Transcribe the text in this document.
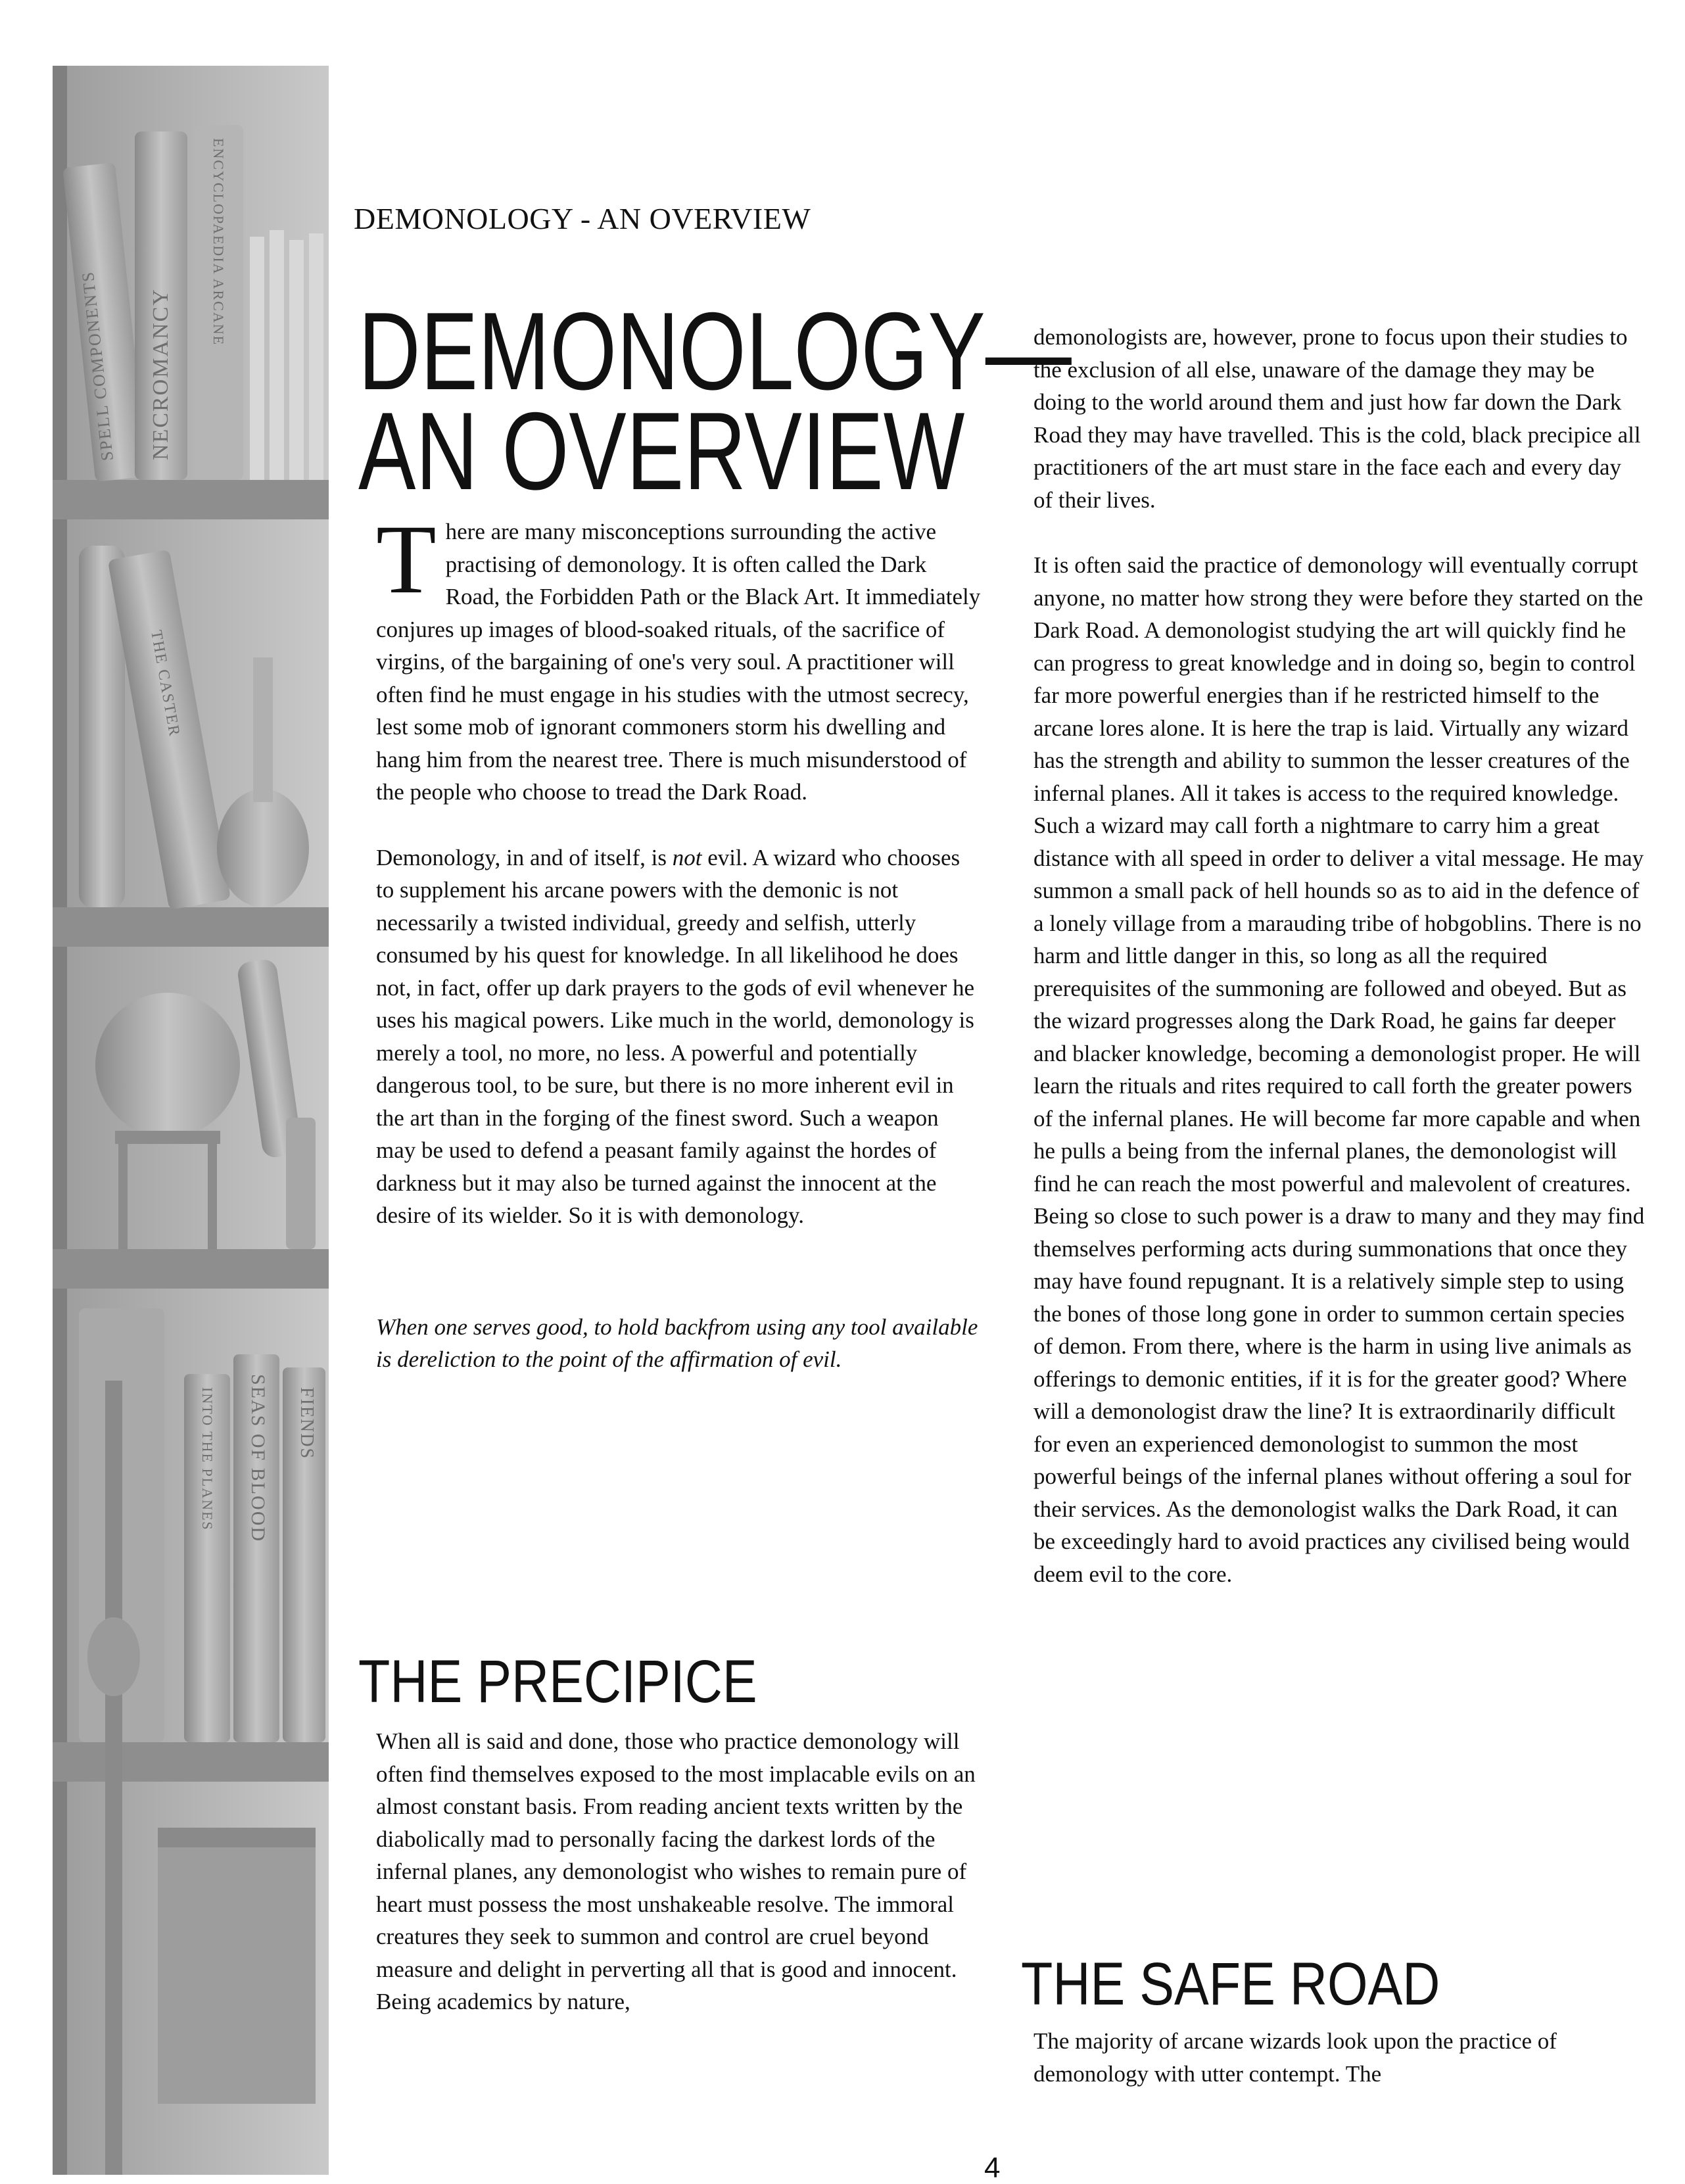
SPELL COMPONENTS NECROMANCY
ENCYCLOPAEDIA ARCANE
THE CASTER
INTO THE PLANES SEAS OF BLOOD FIENDS
DEMONOLOGY - AN OVERVIEW
DEMONOLOGY—
AN OVERVIEW

There are many misconceptions surrounding the active practising of demonology. It is often called the Dark Road, the Forbidden Path or the Black Art. It immediately conjures up images of blood-soaked rituals, of the sacrifice of virgins, of the bargaining of one's very soul. A practitioner will often find he must engage in his studies with the utmost secrecy, lest some mob of ignorant commoners storm his dwelling and hang him from the nearest tree. There is much misunderstood of the people who choose to tread the Dark Road.

Demonology, in and of itself, is not evil. A wizard who chooses to supplement his arcane powers with the demonic is not necessarily a twisted individual, greedy and selfish, utterly consumed by his quest for knowledge. In all likelihood he does not, in fact, offer up dark prayers to the gods of evil whenever he uses his magical powers. Like much in the world, demonology is merely a tool, no more, no less. A powerful and potentially dangerous tool, to be sure, but there is no more inherent evil in the art than in the forging of the finest sword. Such a weapon may be used to defend a peasant family against the hordes of darkness but it may also be turned against the innocent at the desire of its wielder. So it is with demonology.

When one serves good, to hold backfrom using any tool available is dereliction to the point of the affirmation of evil.

THE PRECIPICE

When all is said and done, those who practice demonology will often find themselves exposed to the most implacable evils on an almost constant basis. From reading ancient texts written by the diabolically mad to personally facing the darkest lords of the infernal planes, any demonologist who wishes to remain pure of heart must possess the most unshakeable resolve. The immoral creatures they seek to summon and control are cruel beyond measure and delight in perverting all that is good and innocent. Being academics by nature,

demonologists are, however, prone to focus upon their studies to the exclusion of all else, unaware of the damage they may be doing to the world around them and just how far down the Dark Road they may have travelled. This is the cold, black precipice all practitioners of the art must stare in the face each and every day of their lives.

It is often said the practice of demonology will eventually corrupt anyone, no matter how strong they were before they started on the Dark Road. A demonologist studying the art will quickly find he can progress to great knowledge and in doing so, begin to control far more powerful energies than if he restricted himself to the arcane lores alone. It is here the trap is laid. Virtually any wizard has the strength and ability to summon the lesser creatures of the infernal planes. All it takes is access to the required knowledge. Such a wizard may call forth a nightmare to carry him a great distance with all speed in order to deliver a vital message. He may summon a small pack of hell hounds so as to aid in the defence of a lonely village from a marauding tribe of hobgoblins. There is no harm and little danger in this, so long as all the required prerequisites of the summoning are followed and obeyed. But as the wizard progresses along the Dark Road, he gains far deeper and blacker knowledge, becoming a demonologist proper. He will learn the rituals and rites required to call forth the greater powers of the infernal planes. He will become far more capable and when he pulls a being from the infernal planes, the demonologist will find he can reach the most powerful and malevolent of creatures. Being so close to such power is a draw to many and they may find themselves performing acts during summonations that once they may have found repugnant. It is a relatively simple step to using the bones of those long gone in order to summon certain species of demon. From there, where is the harm in using live animals as offerings to demonic entities, if it is for the greater good? Where will a demonologist draw the line? It is extraordinarily difficult for even an experienced demonologist to summon the most powerful beings of the infernal planes without offering a soul for their services. As the demonologist walks the Dark Road, it can be exceedingly hard to avoid practices any civilised being would deem evil to the core.

THE SAFE ROAD

The majority of arcane wizards look upon the practice of demonology with utter contempt. The

4
